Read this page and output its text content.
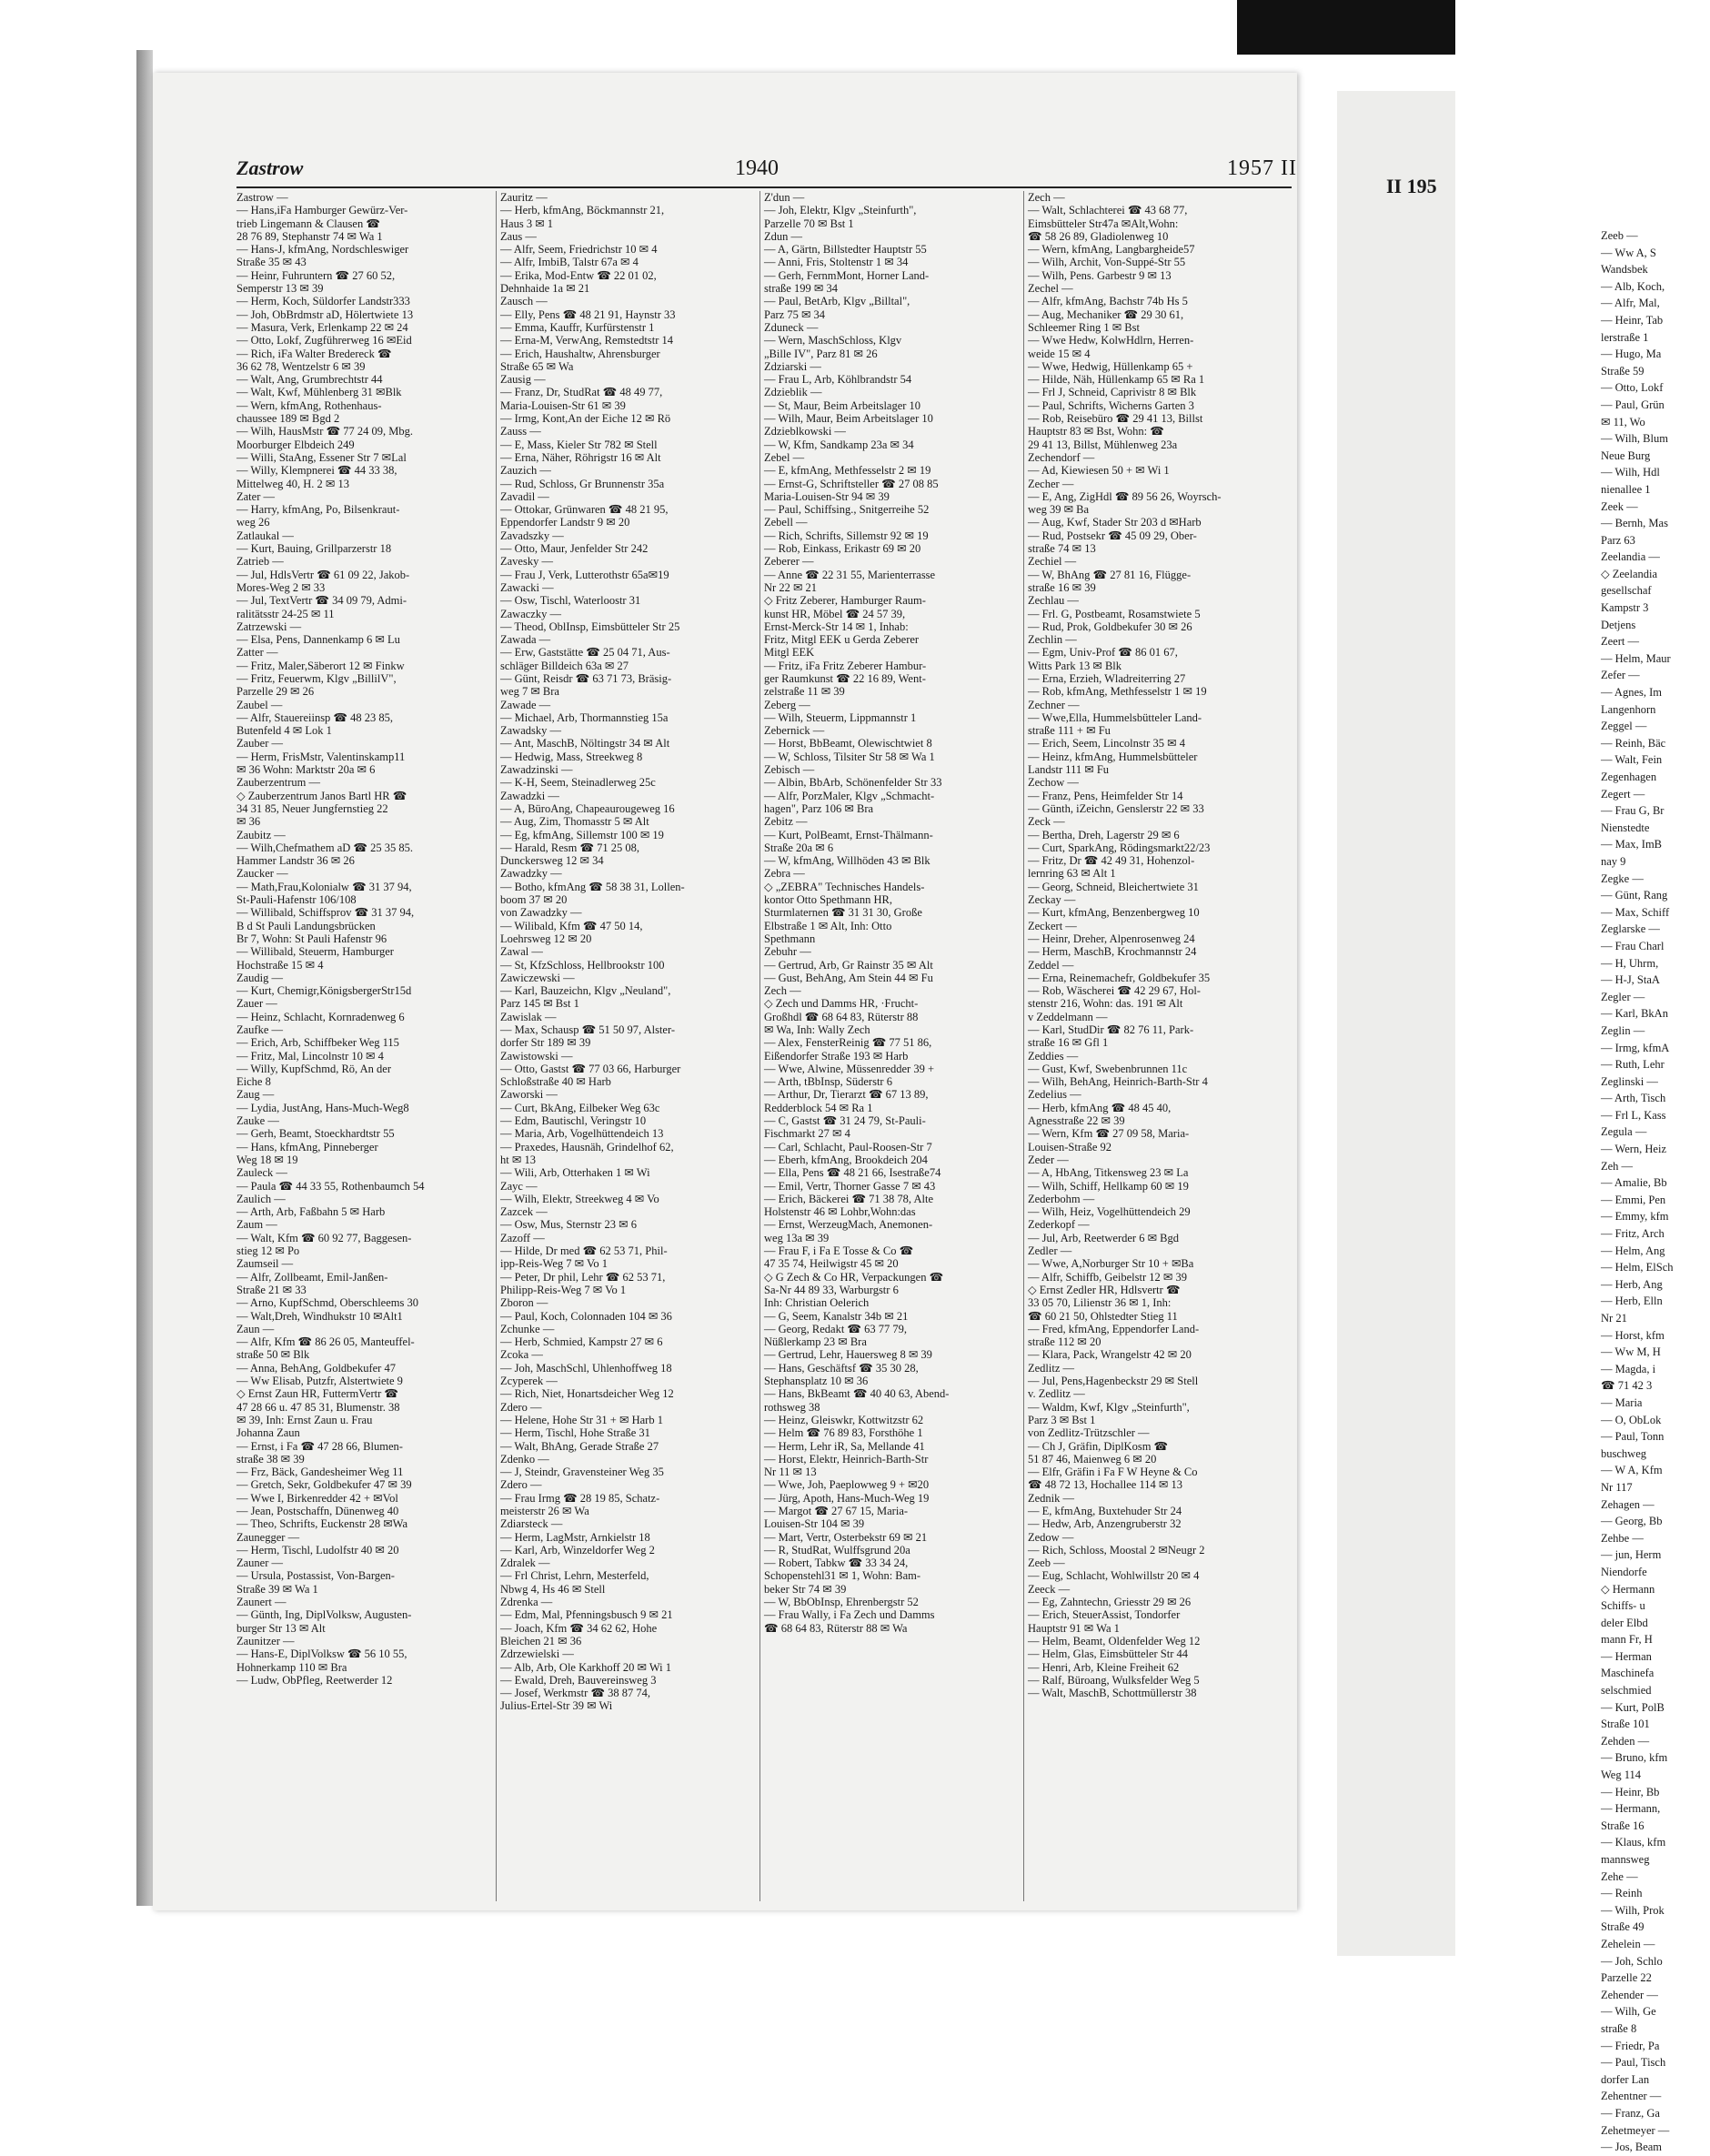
II 195
Zeeb —
— Ww A, S
Wandsbek
— Alb, Koch,
— Alfr, Mal,
— Heinr, Tab
lerstraße 1
— Hugo, Ma
Straße 59
— Otto, Lokf
— Paul, Grün
✉ 11, Wo
— Wilh, Blum
Neue Burg
— Wilh, Hdl
nienallee 1
Zeek —
— Bernh, Mas
Parz 63
Zeelandia —
◇ Zeelandia
gesellschaf
Kampstr 3
Detjens
Zeert —
— Helm, Maur
Zefer —
— Agnes, Im
Langenhorn
Zeggel —
— Reinh, Bäc
— Walt, Fein
Zegenhagen
Zegert —
— Frau G, Br
Nienstedte
— Max, ImB
nay 9
Zegke —
— Günt, Rang
— Max, Schiff
Zeglarske —
— Frau Charl
— H, Uhrm,
— H-J, StaA
Zegler —
— Karl, BkAn
Zeglin —
— Irmg, kfmA
— Ruth, Lehr
Zeglinski —
— Arth, Tisch
— Frl L, Kass
Zegula —
— Wern, Heiz
Zeh —
— Amalie, Bb
— Emmi, Pen
— Emmy, kfm
— Fritz, Arch
— Helm, Ang
— Helm, ElSch
— Herb, Ang
— Herb, Elln
Nr 21
— Horst, kfm
— Ww M, H
— Magda, i
☎ 71 42 3
— Maria
— O, ObLok
— Paul, Tonn
buschweg
— W A, Kfm
Nr 117
Zehagen —
— Georg, Bb
Zehbe —
— jun, Herm
Niendorfe
◇ Hermann
Schiffs- u
deler Elbd
mann Fr, H
— Herman
Maschinefa
selschmied
— Kurt, PolB
Straße 101
Zehden —
— Bruno, kfm
Weg 114
— Heinr, Bb
— Hermann,
Straße 16
— Klaus, kfm
mannsweg
Zehe —
— Reinh
— Wilh, Prok
Straße 49
Zehelein —
— Joh, Schlo
Parzelle 22
Zehender —
— Wilh, Ge
straße 8
— Friedr, Pa
— Paul, Tisch
dorfer Lan
Zehentner —
— Franz, Ga
Zehetmeyer —
— Jos, Beam
Zastrow	1940	1957 II
Zastrow —
— Hans,iFa Hamburger Gewürz-Ver-
trieb Lingemann & Clausen ☎
28 76 89, Stephanstr 74 ✉ Wa 1
— Hans-J, kfmAng, Nordschleswiger
Straße 35 ✉ 43
— Heinr, Fuhruntern ☎ 27 60 52,
Semperstr 13 ✉ 39
— Herm, Koch, Süldorfer Landstr333
— Joh, ObBrdmstr aD, Hölertwiete 13
— Masura, Verk, Erlenkamp 22 ✉ 24
— Otto, Lokf, Zugführerweg 16 ✉Eid
— Rich, iFa Walter Bredereck ☎
36 62 78, Wentzelstr 6 ✉ 39
— Walt, Ang, Grumbrechtstr 44
— Walt, Kwf, Mühlenberg 31 ✉Blk
— Wern, kfmAng, Rothenhaus-
chaussee 189 ✉ Bgd 2
— Wilh, HausMstr ☎ 77 24 09, Mbg.
Moorburger Elbdeich 249
— Willi, StaAng, Essener Str 7 ✉Lal
— Willy, Klempnerei ☎ 44 33 38,
Mittelweg 40, H. 2 ✉ 13
Zater —
— Harry, kfmAng, Po, Bilsenkraut-
weg 26
Zatlaukal —
— Kurt, Bauing, Grillparzerstr 18
Zatrieb —
— Jul, HdlsVertr ☎ 61 09 22, Jakob-
Mores-Weg 2 ✉ 33
— Jul, TextVertr ☎ 34 09 79, Admi-
ralitätsstr 24-25 ✉ 11
Zatrzewski —
— Elsa, Pens, Dannenkamp 6 ✉ Lu
Zatter —
— Fritz, Maler,Säberort 12 ✉ Finkw
— Fritz, Feuerwm, Klgv „BillilV",
Parzelle 29 ✉ 26
Zaubel —
— Alfr, Stauereiinsp ☎ 48 23 85,
Butenfeld 4 ✉ Lok 1
Zauber —
— Herm, FrisMstr, Valentinskamp11
✉ 36 Wohn: Marktstr 20a ✉ 6
Zauberzentrum —
◇ Zauberzentrum Janos Bartl HR ☎
34 31 85, Neuer Jungfernstieg 22
✉ 36
Zaubitz —
— Wilh,Chefmathem aD ☎ 25 35 85.
Hammer Landstr 36 ✉ 26
Zaucker —
— Math,Frau,Kolonialw ☎ 31 37 94,
St-Pauli-Hafenstr 106/108
— Willibald, Schiffsprov ☎ 31 37 94,
B d St Pauli Landungsbrücken
Br 7, Wohn: St Pauli Hafenstr 96
— Willibald, Steuerm, Hamburger
Hochstraße 15 ✉ 4
Zaudig —
— Kurt, Chemigr,KönigsbergerStr15d
Zauer —
— Heinz, Schlacht, Kornradenweg 6
Zaufke —
— Erich, Arb, Schiffbeker Weg 115
— Fritz, Mal, Lincolnstr 10 ✉ 4
— Willy, KupfSchmd, Rö, An der
Eiche 8
Zaug —
— Lydia, JustAng, Hans-Much-Weg8
Zauke —
— Gerh, Beamt, Stoeckhardtstr 55
— Hans, kfmAng, Pinneberger
Weg 18 ✉ 19
Zauleck —
— Paula ☎ 44 33 55, Rothenbaumch 54
Zaulich —
— Arth, Arb, Faßbahn 5 ✉ Harb
Zaum —
— Walt, Kfm ☎ 60 92 77, Baggesen-
stieg 12 ✉ Po
Zaumseil —
— Alfr, Zollbeamt, Emil-Janßen-
Straße 21 ✉ 33
— Arno, KupfSchmd, Oberschleems 30
— Walt,Dreh, Windhukstr 10 ✉Alt1
Zaun —
— Alfr, Kfm ☎ 86 26 05, Manteuffel-
straße 50 ✉ Blk
— Anna, BehAng, Goldbekufer 47
— Ww Elisab, Putzfr, Alstertwiete 9
◇ Ernst Zaun HR, FuttermVertr ☎
47 28 66 u. 47 85 31, Blumenstr. 38
✉ 39, Inh: Ernst Zaun u. Frau
Johanna Zaun
— Ernst, i Fa ☎ 47 28 66, Blumen-
straße 38 ✉ 39
— Frz, Bäck, Gandesheimer Weg 11
— Gretch, Sekr, Goldbekufer 47 ✉ 39
— Wwe I, Birkenredder 42 + ✉Vol
— Jean, Postschaffn, Dünenweg 40
— Theo, Schrifts, Euckenstr 28 ✉Wa
Zaunegger —
— Herm, Tischl, Ludolfstr 40 ✉ 20
Zauner —
— Ursula, Postassist, Von-Bargen-
Straße 39 ✉ Wa 1
Zaunert —
— Günth, Ing, DiplVolksw, Augusten-
burger Str 13 ✉ Alt
Zaunitzer —
— Hans-E, DiplVolksw ☎ 56 10 55,
Hohnerkamp 110 ✉ Bra
— Ludw, ObPfleg, Reetwerder 12
Zauritz —
— Herb, kfmAng, Böckmannstr 21,
Haus 3 ✉ 1
Zaus —
— Alfr, Seem, Friedrichstr 10 ✉ 4
— Alfr, ImbiB, Talstr 67a ✉ 4
— Erika, Mod-Entw ☎ 22 01 02,
Dehnhaide 1a ✉ 21
Zausch —
— Elly, Pens ☎ 48 21 91, Haynstr 33
— Emma, Kauffr, Kurfürstenstr 1
— Erna-M, VerwAng, Remstedtstr 14
— Erich, Haushaltw, Ahrensburger
Straße 65 ✉ Wa
Zausig —
— Franz, Dr, StudRat ☎ 48 49 77,
Maria-Louisen-Str 61 ✉ 39
— Irmg, Kont,An der Eiche 12 ✉ Rö
Zauss —
— E, Mass, Kieler Str 782 ✉ Stell
— Erna, Näher, Röhrigstr 16 ✉ Alt
Zauzich —
— Rud, Schloss, Gr Brunnenstr 35a
Zavadil —
— Ottokar, Grünwaren ☎ 48 21 95,
Eppendorfer Landstr 9 ✉ 20
Zavadszky —
— Otto, Maur, Jenfelder Str 242
Zavesky —
— Frau J, Verk, Lutterothstr 65a✉19
Zawacki —
— Osw, Tischl, Waterloostr 31
Zawaczky —
— Theod, OblInsp, Eimsbütteler Str 25
Zawada —
— Erw, Gaststätte ☎ 25 04 71, Aus-
schläger Billdeich 63a ✉ 27
— Günt, Reisdr ☎ 63 71 73, Bräsig-
weg 7 ✉ Bra
Zawade —
— Michael, Arb, Thormannstieg 15a
Zawadsky —
— Ant, MaschB, Nöltingstr 34 ✉ Alt
— Hedwig, Mass, Streekweg 8
Zawadzinski —
— K-H, Seem, Steinadlerweg 25c
Zawadzki —
— A, BüroAng, Chapeaurougeweg 16
— Aug, Zim, Thomasstr 5 ✉ Alt
— Eg, kfmAng, Sillemstr 100 ✉ 19
— Harald, Resm ☎ 71 25 08,
Dunckersweg 12 ✉ 34
Zawadzky —
— Botho, kfmAng ☎ 58 38 31, Lollen-
boom 37 ✉ 20
von Zawadzky —
— Wilibald, Kfm ☎ 47 50 14,
Loehrsweg 12 ✉ 20
Zawal —
— St, KfzSchloss, Hellbrookstr 100
Zawiczewski —
— Karl, Bauzeichn, Klgv „Neuland",
Parz 145 ✉ Bst 1
Zawislak —
— Max, Schausp ☎ 51 50 97, Alster-
dorfer Str 189 ✉ 39
Zawistowski —
— Otto, Gastst ☎ 77 03 66, Harburger
Schloßstraße 40 ✉ Harb
Zaworski —
— Curt, BkAng, Eilbeker Weg 63c
— Edm, Bautischl, Veringstr 10
— Maria, Arb, Vogelhüttendeich 13
— Praxedes, Hausnäh, Grindelhof 62,
ht ✉ 13
— Wili, Arb, Otterhaken 1 ✉ Wi
Zayc —
— Wilh, Elektr, Streekweg 4 ✉ Vo
Zazcek —
— Osw, Mus, Sternstr 23 ✉ 6
Zazoff —
— Hilde, Dr med ☎ 62 53 71, Phil-
ipp-Reis-Weg 7 ✉ Vo 1
— Peter, Dr phil, Lehr ☎ 62 53 71,
Philipp-Reis-Weg 7 ✉ Vo 1
Zboron —
— Paul, Koch, Colonnaden 104 ✉ 36
Zchunke —
— Herb, Schmied, Kampstr 27 ✉ 6
Zcoka —
— Joh, MaschSchl, Uhlenhoffweg 18
Zcyperek —
— Rich, Niet, Honartsdeicher Weg 12
Zdero —
— Helene, Hohe Str 31 + ✉ Harb 1
— Herm, Tischl, Hohe Straße 31
— Walt, BhAng, Gerade Straße 27
Zdenko —
— J, Steindr, Gravensteiner Weg 35
Zdero —
— Frau Irmg ☎ 28 19 85, Schatz-
meisterstr 26 ✉ Wa
Zdiarsteck —
— Herm, LagMstr, Arnkielstr 18
— Karl, Arb, Winzeldorfer Weg 2
Zdralek —
— Frl Christ, Lehrn, Mesterfeld,
Nbwg 4, Hs 46 ✉ Stell
Zdrenka —
— Edm, Mal, Pfenningsbusch 9 ✉ 21
— Joach, Kfm ☎ 34 62 62, Hohe
Bleichen 21 ✉ 36
Zdrzewielski —
— Alb, Arb, Ole Karkhoff 20 ✉ Wi 1
— Ewald, Dreh, Bauvereinsweg 3
— Josef, Werkmstr ☎ 38 87 74,
Julius-Ertel-Str 39 ✉ Wi
Z'dun —
— Joh, Elektr, Klgv „Steinfurth",
Parzelle 70 ✉ Bst 1
Zdun —
— A, Gärtn, Billstedter Hauptstr 55
— Anni, Fris, Stoltenstr 1 ✉ 34
— Gerh, FernmMont, Horner Land-
straße 199 ✉ 34
— Paul, BetArb, Klgv „Billtal",
Parz 75 ✉ 34
Zduneck —
— Wern, MaschSchloss, Klgv
„Bille IV", Parz 81 ✉ 26
Zdziarski —
— Frau L, Arb, Köhlbrandstr 54
Zdzieblik —
— St, Maur, Beim Arbeitslager 10
— Wilh, Maur, Beim Arbeitslager 10
Zdzieblkowski —
— W, Kfm, Sandkamp 23a ✉ 34
Zebel —
— E, kfmAng, Methfesselstr 2 ✉ 19
— Ernst-G, Schriftsteller ☎ 27 08 85
Maria-Louisen-Str 94 ✉ 39
— Paul, Schiffsing., Snitgerreihe 52
Zebell —
— Rich, Schrifts, Sillemstr 92 ✉ 19
— Rob, Einkass, Erikastr 69 ✉ 20
Zeberer —
— Anne ☎ 22 31 55, Marienterrasse
Nr 22 ✉ 21
◇ Fritz Zeberer, Hamburger Raum-
kunst HR, Möbel ☎ 24 57 39,
Ernst-Merck-Str 14 ✉ 1, Inhab:
Fritz, Mitgl EEK u Gerda Zeberer
Mitgl EEK
— Fritz, iFa Fritz Zeberer Hambur-
ger Raumkunst ☎ 22 16 89, Went-
zelstraße 11 ✉ 39
Zeberg —
— Wilh, Steuerm, Lippmannstr 1
Zebernick —
— Horst, BbBeamt, Olewischtwiet 8
— W, Schloss, Tilsiter Str 58 ✉ Wa 1
Zebisch —
— Albin, BbArb, Schönenfelder Str 33
— Alfr, PorzMaler, Klgv „Schmacht-
hagen", Parz 106 ✉ Bra
Zebitz —
— Kurt, PolBeamt, Ernst-Thälmann-
Straße 20a ✉ 6
— W, kfmAng, Willhöden 43 ✉ Blk
Zebra —
◇ „ZEBRA" Technisches Handels-
kontor Otto Spethmann HR,
Sturmlaternen ☎ 31 31 30, Große
Elbstraße 1 ✉ Alt, Inh: Otto
Spethmann
Zebuhr —
— Gertrud, Arb, Gr Rainstr 35 ✉ Alt
— Gust, BehAng, Am Stein 44 ✉ Fu
Zech —
◇ Zech und Damms HR, ·Frucht-
Großhdl ☎ 68 64 83, Rüterstr 88
✉ Wa, Inh: Wally Zech
— Alex, FensterReinig ☎ 77 51 86,
Eißendorfer Straße 193 ✉ Harb
— Wwe, Alwine, Müssenredder 39 +
— Arth, tBbInsp, Süderstr 6
— Arthur, Dr, Tierarzt ☎ 67 13 89,
Redderblock 54 ✉ Ra 1
— C, Gastst ☎ 31 24 79, St-Pauli-
Fischmarkt 27 ✉ 4
— Carl, Schlacht, Paul-Roosen-Str 7
— Eberh, kfmAng, Brookdeich 204
— Ella, Pens ☎ 48 21 66, Isestraße74
— Emil, Vertr, Thorner Gasse 7 ✉ 43
— Erich, Bäckerei ☎ 71 38 78, Alte
Holstenstr 46 ✉ Lohbr,Wohn:das
— Ernst, WerzeugMach, Anemonen-
weg 13a ✉ 39
— Frau F, i Fa E Tosse & Co ☎
47 35 74, Heilwigstr 45 ✉ 20
◇ G Zech & Co HR, Verpackungen ☎
Sa-Nr 44 89 33, Warburgstr 6
Inh: Christian Oelerich
— G, Seem, Kanalstr 34b ✉ 21
— Georg, Redakt ☎ 63 77 79,
Nüßlerkamp 23 ✉ Bra
— Gertrud, Lehr, Hauersweg 8 ✉ 39
— Hans, Geschäftsf ☎ 35 30 28,
Stephansplatz 10 ✉ 36
— Hans, BkBeamt ☎ 40 40 63, Abend-
rothsweg 38
— Heinz, Gleiswkr, Kottwitzstr 62
— Helm ☎ 76 89 83, Forsthöhe 1
— Herm, Lehr iR, Sa, Mellande 41
— Horst, Elektr, Heinrich-Barth-Str
Nr 11 ✉ 13
— Wwe, Joh, Paeplowweg 9 + ✉20
— Jürg, Apoth, Hans-Much-Weg 19
— Margot ☎ 27 67 15, Maria-
Louisen-Str 104 ✉ 39
— Mart, Vertr, Osterbekstr 69 ✉ 21
— R, StudRat, Wulffsgrund 20a
— Robert, Tabkw ☎ 33 34 24,
Schopenstehl31 ✉ 1, Wohn: Bam-
beker Str 74 ✉ 39
— W, BbObInsp, Ehrenbergstr 52
— Frau Wally, i Fa Zech und Damms
☎ 68 64 83, Rüterstr 88 ✉ Wa
Zech —
— Walt, Schlachterei ☎ 43 68 77,
Eimsbütteler Str47a ✉Alt,Wohn:
☎ 58 26 89, Gladiolenweg 10
— Wern, kfmAng, Langbargheide57
— Wilh, Archit, Von-Suppé-Str 55
— Wilh, Pens. Garbestr 9 ✉ 13
Zechel —
— Alfr, kfmAng, Bachstr 74b Hs 5
— Aug, Mechaniker ☎ 29 30 61,
Schleemer Ring 1 ✉ Bst
— Wwe Hedw, KolwHdlrn, Herren-
weide 15 ✉ 4
— Wwe, Hedwig, Hüllenkamp 65 +
— Hilde, Näh, Hüllenkamp 65 ✉ Ra 1
— Frl J, Schneid, Caprivistr 8 ✉ Blk
— Paul, Schrifts, Wicherns Garten 3
— Rob, Reisebüro ☎ 29 41 13, Billst
Hauptstr 83 ✉ Bst, Wohn: ☎
29 41 13, Billst, Mühlenweg 23a
Zechendorf —
— Ad, Kiewiesen 50 + ✉ Wi 1
Zecher —
— E, Ang, ZigHdl ☎ 89 56 26, Woyrsch-
weg 39 ✉ Ba
— Aug, Kwf, Stader Str 203 d ✉Harb
— Rud, Postsekr ☎ 45 09 29, Ober-
straße 74 ✉ 13
Zechiel —
— W, BhAng ☎ 27 81 16, Flügge-
straße 16 ✉ 39
Zechlau —
— Frl. G, Postbeamt, Rosamstwiete 5
— Rud, Prok, Goldbekufer 30 ✉ 26
Zechlin —
— Egm, Univ-Prof ☎ 86 01 67,
Witts Park 13 ✉ Blk
— Erna, Erzieh, Wladreiterring 27
— Rob, kfmAng, Methfesselstr 1 ✉ 19
Zechner —
— Wwe,Ella, Hummelsbütteler Land-
straße 111 + ✉ Fu
— Erich, Seem, Lincolnstr 35 ✉ 4
— Heinz, kfmAng, Hummelsbütteler
Landstr 111 ✉ Fu
Zechow —
— Franz, Pens, Heimfelder Str 14
— Günth, iZeichn, Genslerstr 22 ✉ 33
Zeck —
— Bertha, Dreh, Lagerstr 29 ✉ 6
— Curt, SparkAng, Rödingsmarkt22/23
— Fritz, Dr ☎ 42 49 31, Hohenzol-
lernring 63 ✉ Alt 1
— Georg, Schneid, Bleichertwiete 31
Zeckay —
— Kurt, kfmAng, Benzenbergweg 10
Zeckert —
— Heinr, Dreher, Alpenrosenweg 24
— Herm, MaschB, Krochmannstr 24
Zeddel —
— Erna, Reinemachefr, Goldbekufer 35
— Rob, Wäscherei ☎ 42 29 67, Hol-
stenstr 216, Wohn: das. 191 ✉ Alt
v Zeddelmann —
— Karl, StudDir ☎ 82 76 11, Park-
straße 16 ✉ Gfl 1
Zeddies —
— Gust, Kwf, Swebenbrunnen 11c
— Wilh, BehAng, Heinrich-Barth-Str 4
Zedelius —
— Herb, kfmAng ☎ 48 45 40,
Agnesstraße 22 ✉ 39
— Wern, Kfm ☎ 27 09 58, Maria-
Louisen-Straße 92
Zeder —
— A, HbAng, Titkensweg 23 ✉ La
— Wilh, Schiff, Hellkamp 60 ✉ 19
Zederbohm —
— Wilh, Heiz, Vogelhüttendeich 29
Zederkopf —
— Jul, Arb, Reetwerder 6 ✉ Bgd
Zedler —
— Wwe, A,Norburger Str 10 + ✉Ba
— Alfr, Schiffb, Geibelstr 12 ✉ 39
◇ Ernst Zedler HR, Hdlsvertr ☎
33 05 70, Lilienstr 36 ✉ 1, Inh:
☎ 60 21 50, Ohlstedter Stieg 11
— Fred, kfmAng, Eppendorfer Land-
straße 112 ✉ 20
— Klara, Pack, Wrangelstr 42 ✉ 20
Zedlitz —
— Jul, Pens,Hagenbeckstr 29 ✉ Stell
v. Zedlitz —
— Waldm, Kwf, Klgv „Steinfurth",
Parz 3 ✉ Bst 1
von Zedlitz-Trützschler —
— Ch J, Gräfin, DiplKosm ☎
51 87 46, Maienweg 6 ✉ 20
— Elfr, Gräfin i Fa F W Heyne & Co
☎ 48 72 13, Hochallee 114 ✉ 13
Zednik —
— E, kfmAng, Buxtehuder Str 24
— Hedw, Arb, Anzengruberstr 32
Zedow —
— Rich, Schloss, Moostal 2 ✉Neugr 2
Zeeb —
— Eug, Schlacht, Wohlwillstr 20 ✉ 4
Zeeck —
— Eg, Zahntechn, Griesstr 29 ✉ 26
— Erich, SteuerAssist, Tondorfer
Hauptstr 91 ✉ Wa 1
— Helm, Beamt, Oldenfelder Weg 12
— Helm, Glas, Eimsbütteler Str 44
— Henri, Arb, Kleine Freiheit 62
— Ralf, Büroang, Wulksfelder Weg 5
— Walt, MaschB, Schottmüllerstr 38
